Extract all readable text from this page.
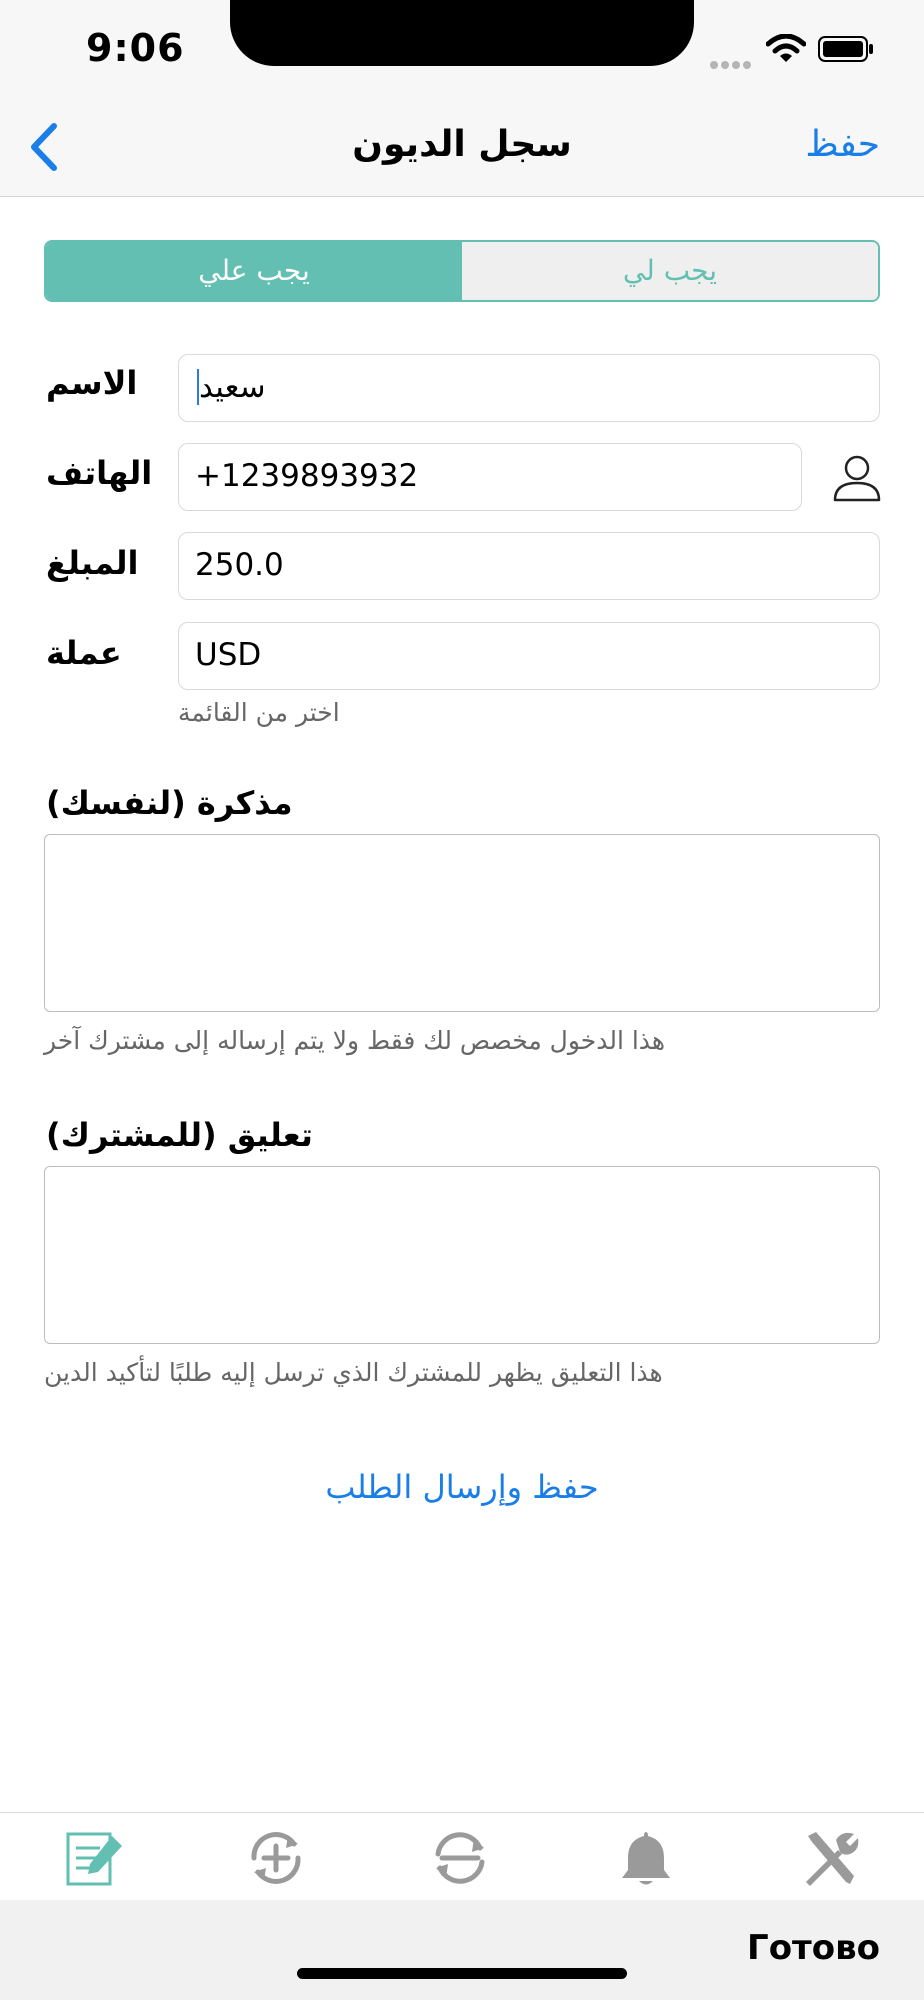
9:06
سجل الديون	حفظ
يجب لي
يجب علي
الاسم	سعيد
الهاتف	+1239893932
المبلغ	250.0
عملة	USD
اختر من القائمة
مذكرة (لنفسك)
هذا الدخول مخصص لك فقط ولا يتم إرساله إلى مشترك آخر
تعليق (للمشترك)
هذا التعليق يظهر للمشترك الذي ترسل إليه طلبًا لتأكيد الدين
حفظ وإرسال الطلب
Готово
